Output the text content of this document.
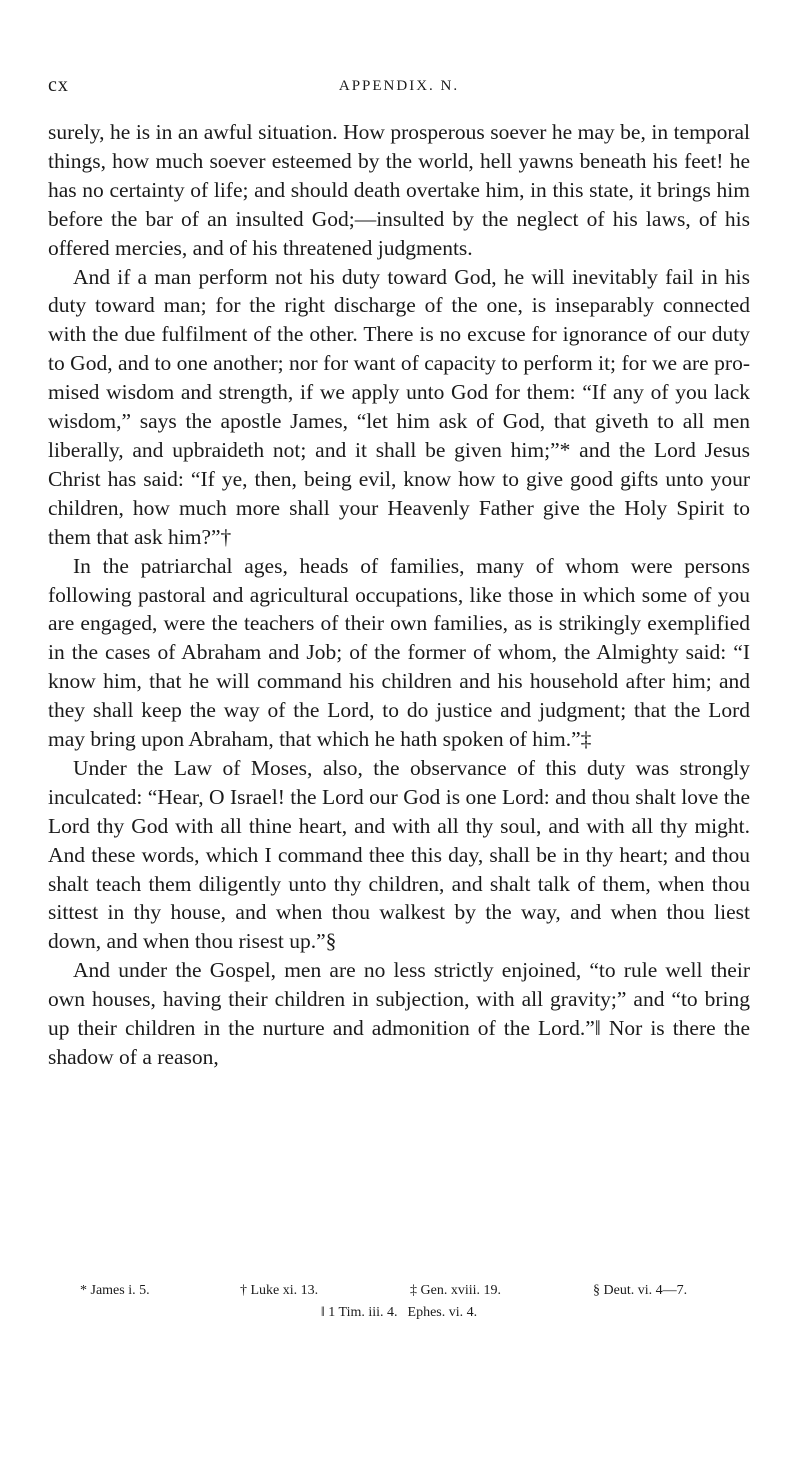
cx	APPENDIX. N.

surely, he is in an awful situation. How prosperous soever he may be, in temporal things, how much soever esteemed by the world, hell yawns beneath his feet! he has no certainty of life; and should death overtake him, in this state, it brings him before the bar of an insulted God;—insulted by the neglect of his laws, of his offered mercies, and of his threatened judgments.

And if a man perform not his duty toward God, he will inevitably fail in his duty toward man; for the right discharge of the one, is inseparably connected with the due fulfilment of the other. There is no excuse for ignorance of our duty to God, and to one another; nor for want of capacity to perform it; for we are promised wisdom and strength, if we apply unto God for them: “If any of you lack wisdom,” says the apostle James, “let him ask of God, that giveth to all men liberally, and upbraideth not; and it shall be given him;”* and the Lord Jesus Christ has said: “If ye, then, being evil, know how to give good gifts unto your children, how much more shall your Heavenly Father give the Holy Spirit to them that ask him?”†

In the patriarchal ages, heads of families, many of whom were persons following pastoral and agricultural occupations, like those in which some of you are engaged, were the teachers of their own families, as is strikingly exemplified in the cases of Abraham and Job; of the former of whom, the Almighty said: “I know him, that he will command his children and his household after him; and they shall keep the way of the Lord, to do justice and judgment; that the Lord may bring upon Abraham, that which he hath spoken of him.”‡

Under the Law of Moses, also, the observance of this duty was strongly inculcated: “Hear, O Israel! the Lord our God is one Lord: and thou shalt love the Lord thy God with all thine heart, and with all thy soul, and with all thy might. And these words, which I command thee this day, shall be in thy heart; and thou shalt teach them diligently unto thy children, and shalt talk of them, when thou sittest in thy house, and when thou walkest by the way, and when thou liest down, and when thou risest up.”§

And under the Gospel, men are no less strictly enjoined, “to rule well their own houses, having their children in subjection, with all gravity;” and “to bring up their children in the nurture and admonition of the Lord.”‖ Nor is there the shadow of a reason,

* James i. 5.	† Luke xi. 13.	‡ Gen. xviii. 19.	§ Deut. vi. 4—7.
‖ 1 Tim. iii. 4. Ephes. vi. 4.
